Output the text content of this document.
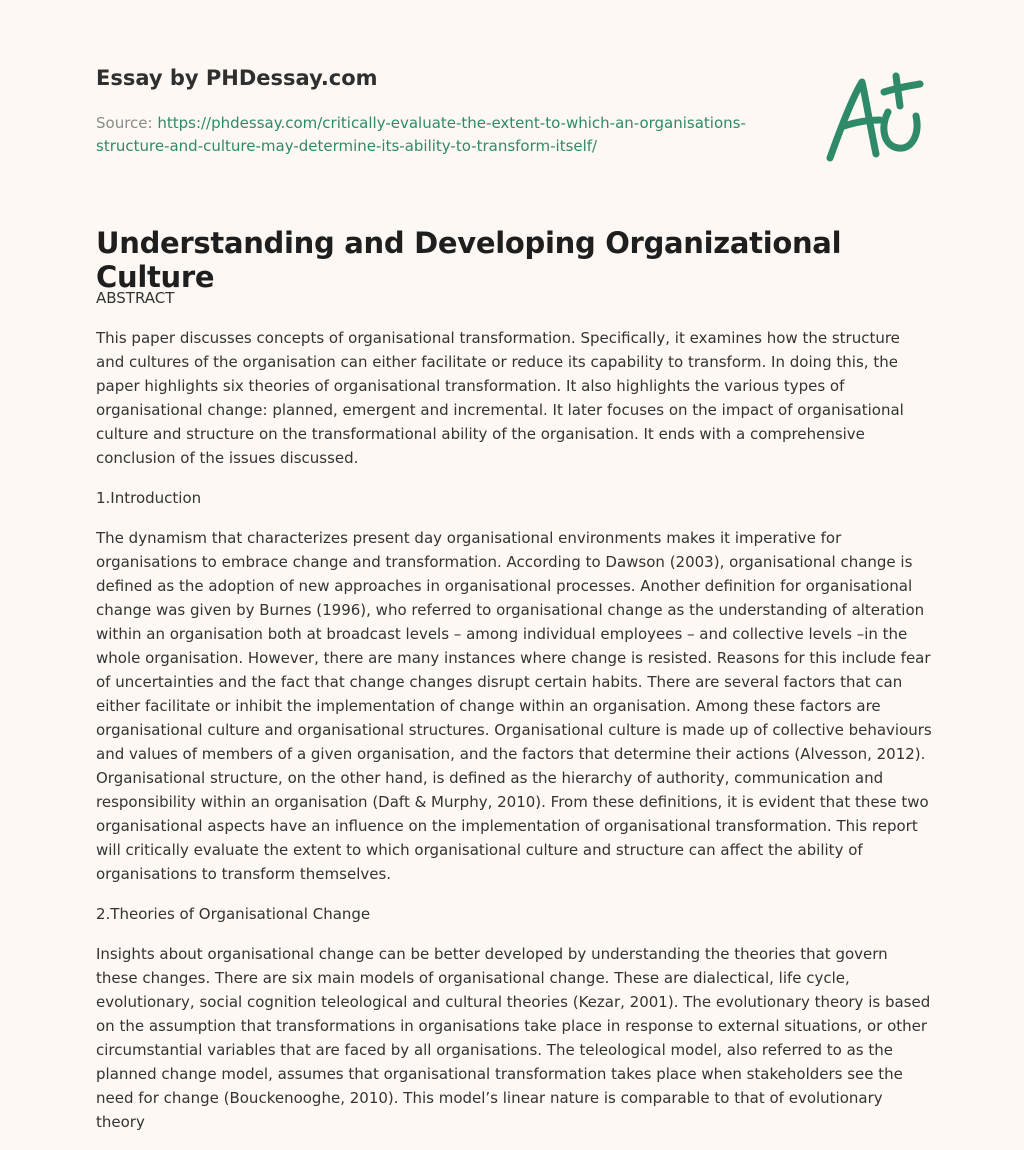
Essay by PHDessay.com
Source: https://phdessay.com/critically-evaluate-the-extent-to-which-an-organisations-structure-and-culture-may-determine-its-ability-to-transform-itself/
Understanding and Developing Organizational Culture

ABSTRACT

This paper discusses concepts of organisational transformation. Specifically, it examines how the structure and cultures of the organisation can either facilitate or reduce its capability to transform. In doing this, the paper highlights six theories of organisational transformation. It also highlights the various types of organisational change: planned, emergent and incremental. It later focuses on the impact of organisational culture and structure on the transformational ability of the organisation. It ends with a comprehensive conclusion of the issues discussed.

1.Introduction

The dynamism that characterizes present day organisational environments makes it imperative for organisations to embrace change and transformation. According to Dawson (2003), organisational change is defined as the adoption of new approaches in organisational processes. Another definition for organisational change was given by Burnes (1996), who referred to organisational change as the understanding of alteration within an organisation both at broadcast levels – among individual employees – and collective levels –in the whole organisation. However, there are many instances where change is resisted. Reasons for this include fear of uncertainties and the fact that change changes disrupt certain habits. There are several factors that can either facilitate or inhibit the implementation of change within an organisation. Among these factors are organisational culture and organisational structures. Organisational culture is made up of collective behaviours and values of members of a given organisation, and the factors that determine their actions (Alvesson, 2012). Organisational structure, on the other hand, is defined as the hierarchy of authority, communication and responsibility within an organisation (Daft & Murphy, 2010). From these definitions, it is evident that these two organisational aspects have an influence on the implementation of organisational transformation. This report will critically evaluate the extent to which organisational culture and structure can affect the ability of organisations to transform themselves.

2.Theories of Organisational Change

Insights about organisational change can be better developed by understanding the theories that govern these changes. There are six main models of organisational change. These are dialectical, life cycle, evolutionary, social cognition teleological and cultural theories (Kezar, 2001). The evolutionary theory is based on the assumption that transformations in organisations take place in response to external situations, or other circumstantial variables that are faced by all organisations. The teleological model, also referred to as the planned change model, assumes that organisational transformation takes place when stakeholders see the need for change (Bouckenooghe, 2010). This model’s linear nature is comparable to that of evolutionary theory
